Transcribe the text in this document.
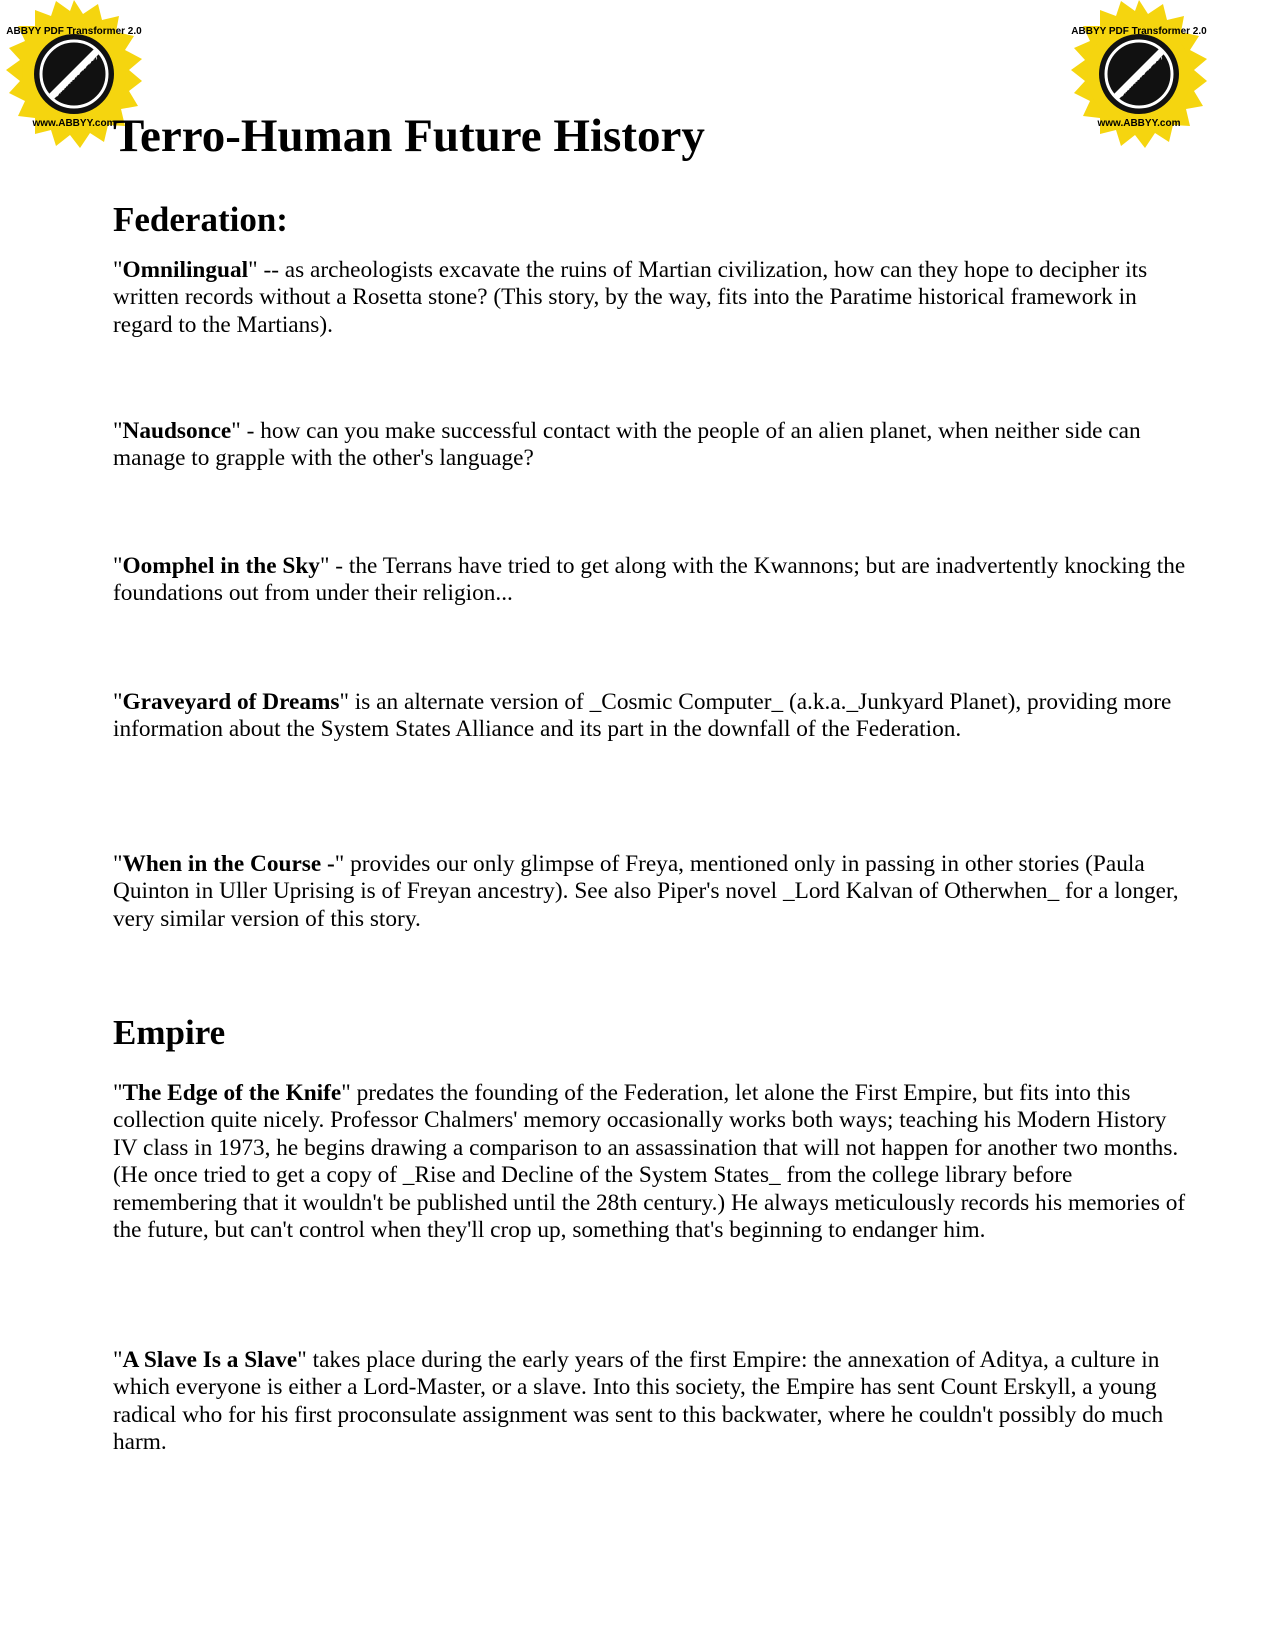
ABBYY PDF Transformer 2.0
Click here to buy
www.ABBYY.com
ABBYY PDF Transformer 2.0
Click here to buy
www.ABBYY.com
Terro-Human Future History
Federation:

"Omnilingual" -- as archeologists excavate the ruins of Martian civilization, how can they hope to decipher its written records without a Rosetta stone? (This story, by the way, fits into the Paratime historical framework in regard to the Martians).

"Naudsonce" - how can you make successful contact with the people of an alien planet, when neither side can manage to grapple with the other's language?

"Oomphel in the Sky" - the Terrans have tried to get along with the Kwannons; but are inadvertently knocking the foundations out from under their religion...

"Graveyard of Dreams" is an alternate version of _Cosmic Computer_ (a.k.a._Junkyard Planet), providing more information about the System States Alliance and its part in the downfall of the Federation.

"When in the Course -" provides our only glimpse of Freya, mentioned only in passing in other stories (Paula Quinton in Uller Uprising is of Freyan ancestry). See also Piper's novel _Lord Kalvan of Otherwhen_ for a longer, very similar version of this story.

Empire

"The Edge of the Knife" predates the founding of the Federation, let alone the First Empire, but fits into this collection quite nicely. Professor Chalmers' memory occasionally works both ways; teaching his Modern History IV class in 1973, he begins drawing a comparison to an assassination that will not happen for another two months. (He once tried to get a copy of _Rise and Decline of the System States_ from the college library before remembering that it wouldn't be published until the 28th century.) He always meticulously records his memories of the future, but can't control when they'll crop up, something that's beginning to endanger him.

"A Slave Is a Slave" takes place during the early years of the first Empire: the annexation of Aditya, a culture in which everyone is either a Lord-Master, or a slave. Into this society, the Empire has sent Count Erskyll, a young radical who for his first proconsulate assignment was sent to this backwater, where he couldn't possibly do much harm.
